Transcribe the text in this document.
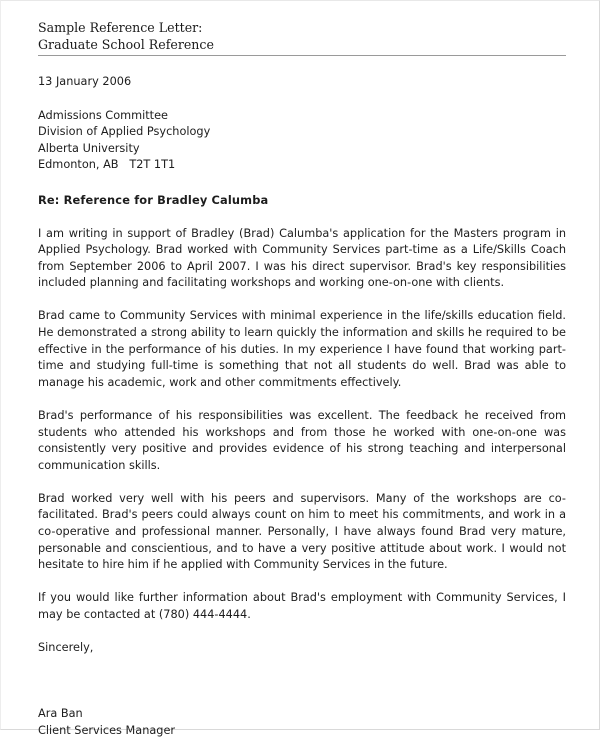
Sample Reference Letter:
Graduate School Reference
13 January 2006
Admissions Committee
Division of Applied Psychology
Alberta University
Edmonton, AB   T2T 1T1
Re: Reference for Bradley Calumba

I am writing in support of Bradley (Brad) Calumba's application for the Masters program in Applied Psychology. Brad worked with Community Services part-time as a Life/Skills Coach from September 2006 to April 2007. I was his direct supervisor. Brad's key responsibilities included planning and facilitating workshops and working one-on-one with clients.

Brad came to Community Services with minimal experience in the life/skills education field.  He demonstrated a strong ability to learn quickly the information and skills he required to be effective in the performance of his duties. In my experience I have found that working part-time and studying full-time is something that not all students do well. Brad was able to manage his academic, work and other commitments effectively.

Brad's performance of his responsibilities was excellent. The feedback he received from students who attended his workshops and from those he worked with one-on-one was consistently very positive and provides evidence of his strong teaching and interpersonal communication skills.

Brad worked very well with his peers and supervisors. Many of the workshops are co-facilitated. Brad's peers could always count on him to meet his commitments, and work in a co-operative and professional manner. Personally, I have always found Brad very mature, personable and conscientious, and to have a very positive attitude about work. I would not hesitate to hire him if he applied with Community Services in the future.

If you would like further information about Brad's employment with Community Services, I may be contacted at (780) 444-4444.

Sincerely,
Ara Ban
Client Services Manager
